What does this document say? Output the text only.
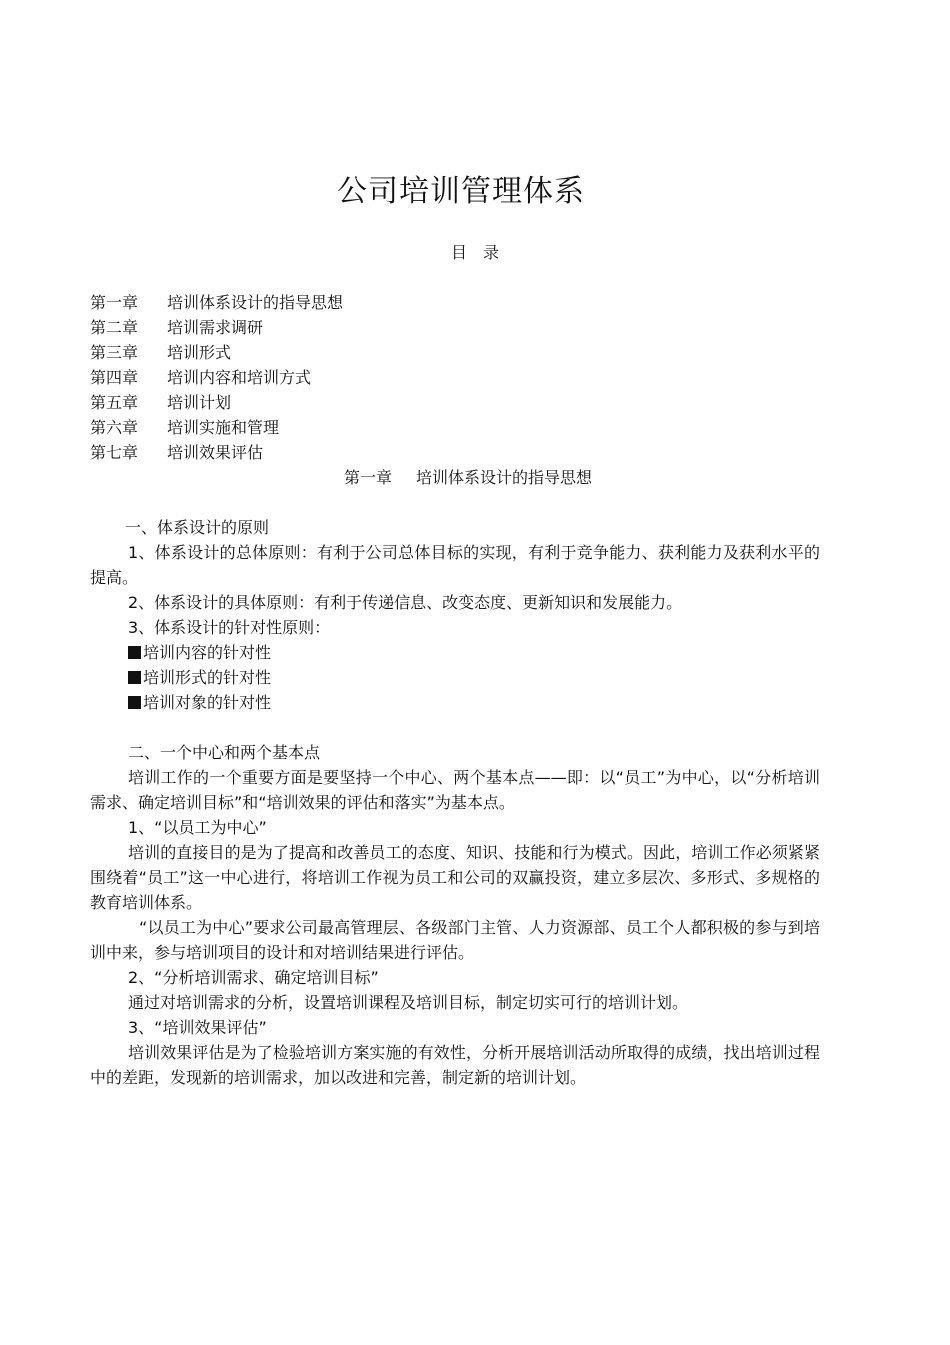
公司培训管理体系
目　录
第一章 培训体系设计的指导思想
第二章 培训需求调研
第三章 培训形式
第四章 培训内容和培训方式
第五章 培训计划
第六章 培训实施和管理
第七章 培训效果评估
第一章 培训体系设计的指导思想
一、体系设计的原则
1、体系设计的总体原则：有利于公司总体目标的实现，有利于竞争能力、获利能力及获利水平的提高。
2、体系设计的具体原则：有利于传递信息、改变态度、更新知识和发展能力。
3、体系设计的针对性原则：
培训内容的针对性
培训形式的针对性
培训对象的针对性
二、一个中心和两个基本点
培训工作的一个重要方面是要坚持一个中心、两个基本点——即：以“员工”为中心，以“分析培训需求、确定培训目标”和“培训效果的评估和落实”为基本点。
1、“以员工为中心”
培训的直接目的是为了提高和改善员工的态度、知识、技能和行为模式。因此，培训工作必须紧紧围绕着“员工”这一中心进行，将培训工作视为员工和公司的双赢投资，建立多层次、多形式、多规格的教育培训体系。
“以员工为中心”要求公司最高管理层、各级部门主管、人力资源部、员工个人都积极的参与到培训中来，参与培训项目的设计和对培训结果进行评估。
2、“分析培训需求、确定培训目标”
通过对培训需求的分析，设置培训课程及培训目标，制定切实可行的培训计划。
3、“培训效果评估”
培训效果评估是为了检验培训方案实施的有效性，分析开展培训活动所取得的成绩，找出培训过程中的差距，发现新的培训需求，加以改进和完善，制定新的培训计划。
